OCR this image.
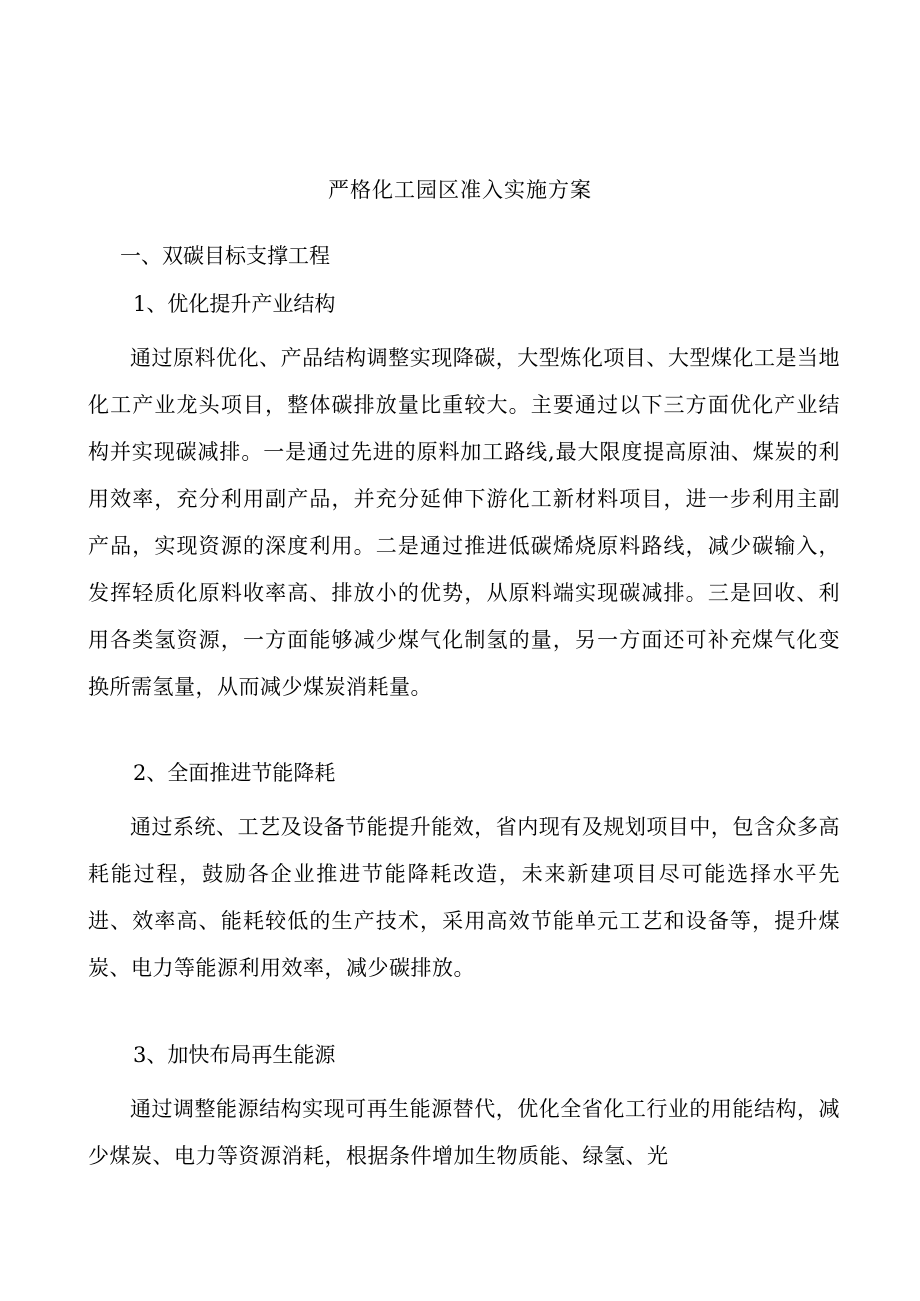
严格化工园区准入实施方案
一、双碳目标支撑工程
1、优化提升产业结构

通过原料优化、产品结构调整实现降碳，大型炼化项目、大型煤化工是当地化工产业龙头项目，整体碳排放量比重较大。主要通过以下三方面优化产业结构并实现碳减排。一是通过先进的原料加工路线,最大限度提高原油、煤炭的利用效率，充分利用副产品，并充分延伸下游化工新材料项目，进一步利用主副产品，实现资源的深度利用。二是通过推进低碳烯烧原料路线，减少碳输入，发挥轻质化原料收率高、排放小的优势，从原料端实现碳减排。三是回收、利用各类氢资源，一方面能够减少煤气化制氢的量，另一方面还可补充煤气化变换所需氢量，从而减少煤炭消耗量。

2、全面推进节能降耗

通过系统、工艺及设备节能提升能效，省内现有及规划项目中，包含众多高耗能过程，鼓励各企业推进节能降耗改造，未来新建项目尽可能选择水平先进、效率高、能耗较低的生产技术，采用高效节能单元工艺和设备等，提升煤炭、电力等能源利用效率，减少碳排放。

3、加快布局再生能源

通过调整能源结构实现可再生能源替代，优化全省化工行业的用能结构，减少煤炭、电力等资源消耗，根据条件增加生物质能、绿氢、光
